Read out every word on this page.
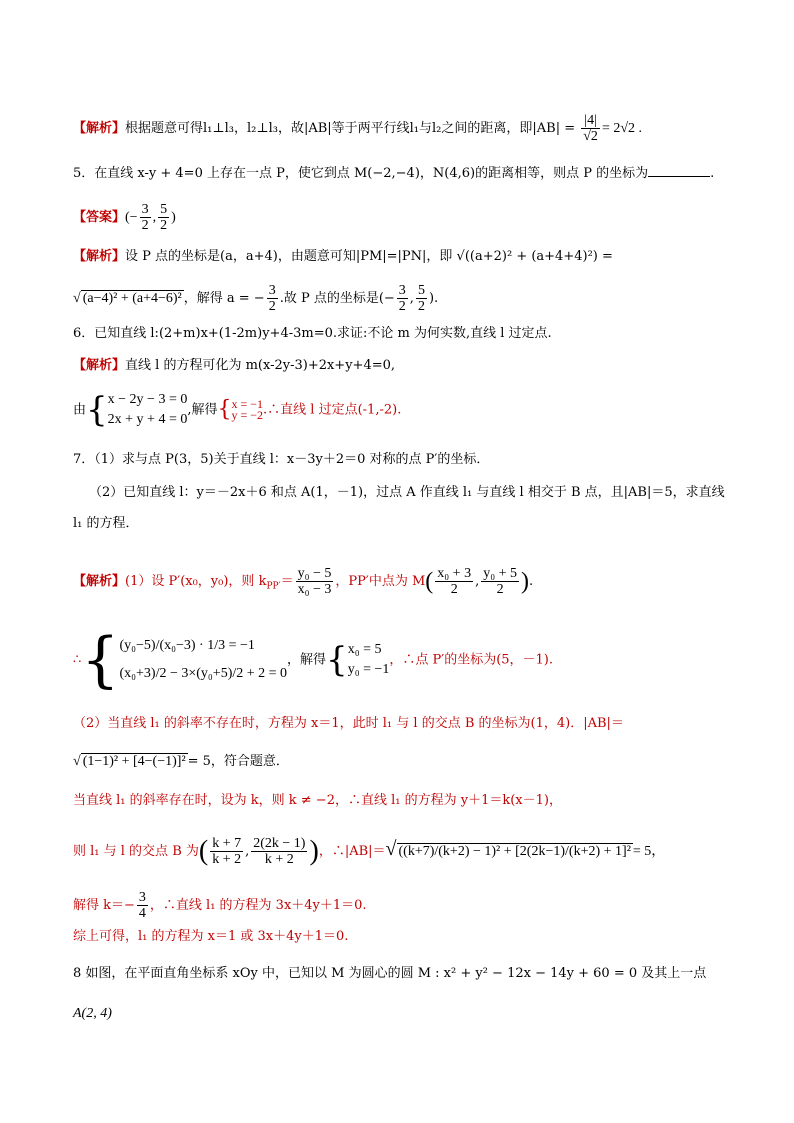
【解析】根据题意可得l₁⊥l₃，l₂⊥l₃，故|AB|等于两平行线l₁与l₂之间的距离，即$|AB| = \frac{|4|}{√2} = 2√2$ .
5．在直线 x-y + 4=0 上存在一点 P，使它到点 M(−2,−4)，N(4,6)的距离相等，则点 P 的坐标为	.
【答案】(− $\frac{3}{2}$ , $\frac{5}{2}$ )
【解析】设 P 点的坐标是(a，a+4)，由题意可知|PM|=|PN|，即 √((a+2)² + (a+4+4)²) =
√ (a−4)² + (a+4−6)² ，解得 a = − $\frac{3}{2}$ .故 P 点的坐标是(− $\frac{3}{2}$ , $\frac{5}{2}$ ).
6．已知直线 l:(2+m)x+(1-2m)y+4-3m=0.求证:不论 m 为何实数,直线 l 过定点.
【解析】直线 l 的方程可化为 m(x-2y-3)+2x+y+4=0,
由{ x − 2y − 3 = 0
2x + y + 4 = 0
,解得{ x = −1
y = −2 .∴直线 l 过定点(-1,-2).
7．（1）求与点 P(3，5)关于直线 l：x－3y＋2＝0 对称的点 P′的坐标．
（2）已知直线 l：y＝－2x＋6 和点 A(1，－1)，过点 A 作直线 l₁ 与直线 l 相交于 B 点，且|AB|＝5，求直线
l₁ 的方程．
【解析】(1）设 P′(x₀，y₀)，则 $k_{PP'}= \frac{\text{y₀ − 5}}{\text{x₀ − 3}}$ ，PP′中点为 $M( \frac{\text{x₀ + 3}}{2}$ , $\frac{\text{y₀ + 5}}{2}$ ).
∴{ (y₀−5)/(x₀−3) · 1/3 = −1
(x₀+3)/2 − 3×(y₀+5)/2 + 2 = 0
，解得{ x₀ = 5
y₀ = −1
，∴点 P′的坐标为(5，－1).
（2）当直线 l₁ 的斜率不存在时，方程为 x＝1，此时 l₁ 与 l 的交点 B 的坐标为(1，4)．|AB|＝
√ (1−1)² + [4−(−1)]² = 5，符合题意．
当直线 l₁ 的斜率存在时，设为 k，则 k ≠ −2，∴直线 l₁ 的方程为 y＋1＝k(x－1)，
则 l₁ 与 l 的交点 B 为( $\frac{k + 7}{k + 2}$ , $\frac{2(2k - 1)}{k + 2}$ )，∴|AB|＝√ ((k+7)/(k+2) − 1)² + [2(2k−1)/(k+2) + 1]² = 5，
解得 $k=- \frac{3}{4}$ ，∴直线 l₁ 的方程为 3x＋4y＋1＝0.
综上可得，l₁ 的方程为 x＝1 或 3x＋4y＋1＝0.
8 如图，在平面直角坐标系 xOy 中，已知以 M 为圆心的圆 M : x² + y² − 12x − 14y + 60 = 0 及其上一点
A(2, 4)
